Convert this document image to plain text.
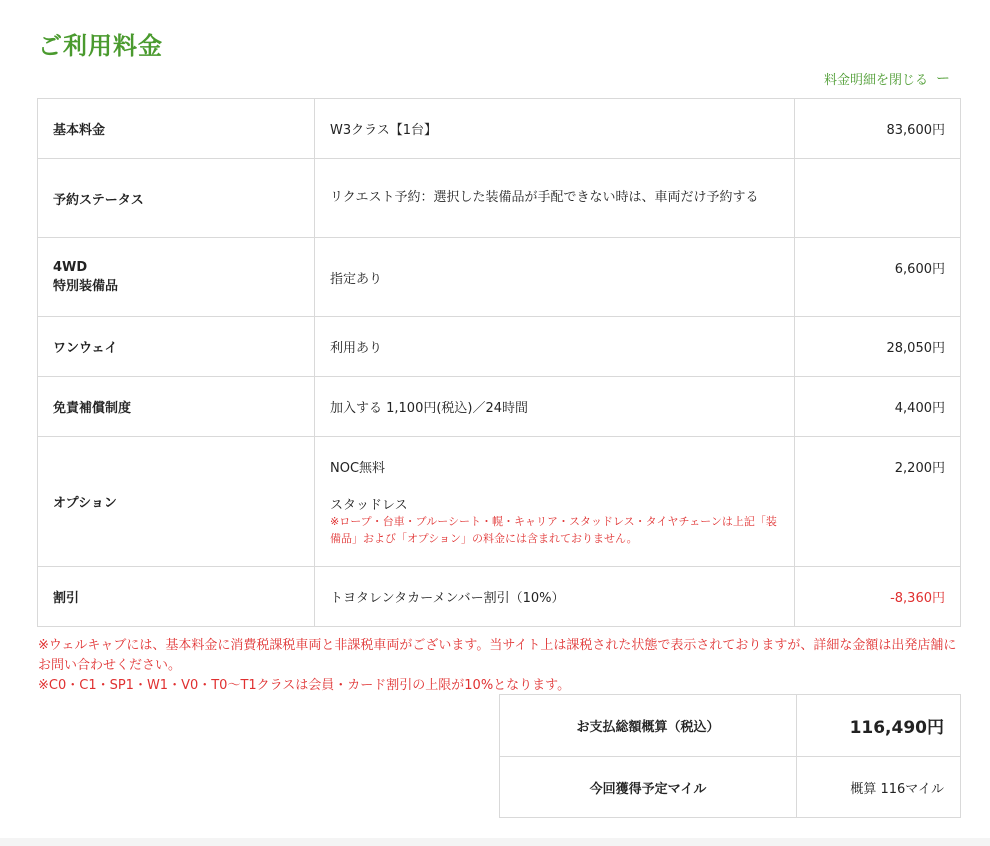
ご利用料金
料金明細を閉じる ー
基本料金	W3クラス【1台】	83,600円
予約ステータス	リクエスト予約：選択した装備品が手配できない時は、車両だけ予約する	
4WD
特別装備品	指定あり	6,600円
ワンウェイ	利用あり	28,050円
免責補償制度	加入する 1,100円(税込)／24時間	4,400円
オプション	NOC無料
スタッドレス
※ロープ・台車・ブルーシート・幌・キャリア・スタッドレス・タイヤチェーンは上記「装備品」および「オプション」の料金には含まれておりません。	2,200円
割引	トヨタレンタカーメンバー割引（10%）	-8,360円
※ウェルキャブには、基本料金に消費税課税車両と非課税車両がございます。当サイト上は課税された状態で表示されておりますが、詳細な金額は出発店舗にお問い合わせください。
※C0・C1・SP1・W1・V0・T0〜T1クラスは会員・カード割引の上限が10%となります。
お支払総額概算（税込）	116,490円
今回獲得予定マイル	概算 116マイル
